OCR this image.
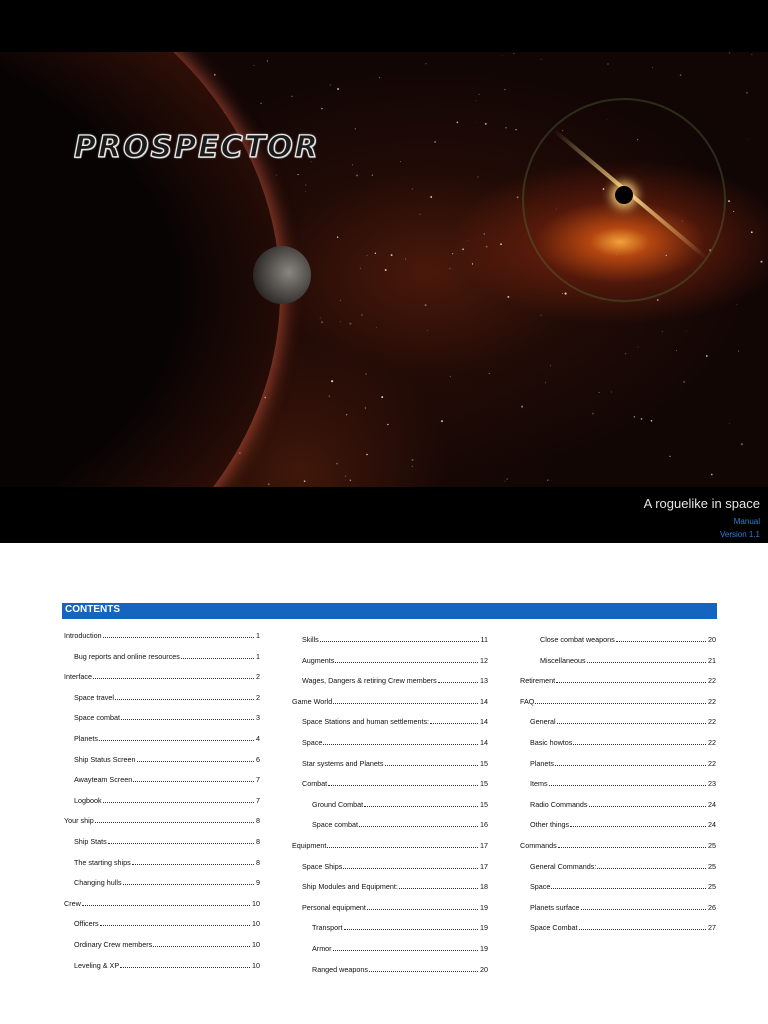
PROSPECTOR
A roguelike in space
Manual
Version 1.1
CONTENTS
Introduction	1
Bug reports and online resources	1
Interface	2
Space travel	2
Space combat	3
Planets	4
Ship Status Screen	6
Awayteam Screen	7
Logbook	7
Your ship	8
Ship Stats	8
The starting ships	8
Changing hulls	9
Crew	10
Officers	10
Ordinary Crew members	10
Leveling & XP	10
Skills	11
Augments	12
Wages, Dangers & retiring Crew members	13
Game World	14
Space Stations and human settlements:	14
Space	14
Star systems and Planets	15
Combat	15
Ground Combat	15
Space combat	16
Equipment	17
Space Ships	17
Ship Modules and Equipment:	18
Personal equipment	19
Transport	19
Armor	19
Ranged weapons	20
Close combat weapons	20
Miscellaneous	21
Retirement	22
FAQ	22
General	22
Basic howtos	22
Planets	22
Items	23
Radio Commands	24
Other things	24
Commands	25
General Commands:	25
Space	25
Planets surface	26
Space Combat	27
